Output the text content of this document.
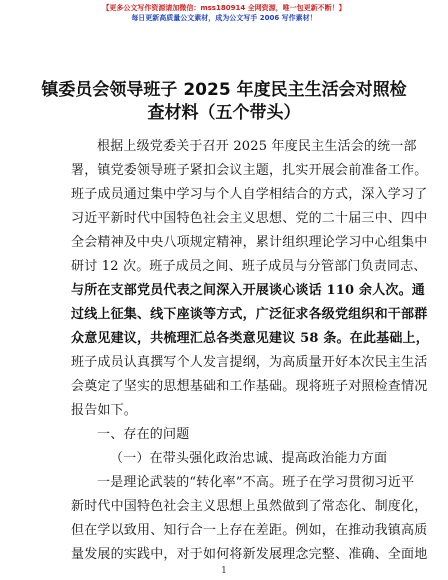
【更多公文写作资源请加微信：mss180914 全网资源，唯一包更新不断！】
每日更新高质量公文素材，成为公文写手 2006 写作素材！
镇委员会领导班子 2025 年度民主生活会对照检
查材料（五个带头）
根据上级党委关于召开 2025 年度民主生活会的统一部
署，镇党委领导班子紧扣会议主题，扎实开展会前准备工作。
班子成员通过集中学习与个人自学相结合的方式，深入学习了
习近平新时代中国特色社会主义思想、党的二十届三中、四中
全会精神及中央八项规定精神，累计组织理论学习中心组集中
研讨 12 次。班子成员之间、班子成员与分管部门负责同志、
与所在支部党员代表之间深入开展谈心谈话 110 余人次。通
过线上征集、线下座谈等方式，广泛征求各级党组织和干部群
众意见建议，共梳理汇总各类意见建议 58 条。在此基础上，
班子成员认真撰写个人发言提纲，为高质量开好本次民主生活
会奠定了坚实的思想基础和工作基础。现将班子对照检查情况
报告如下。
一、存在的问题
（一）在带头强化政治忠诚、提高政治能力方面
一是理论武装的“转化率”不高。班子在学习贯彻习近平
新时代中国特色社会主义思想上虽然做到了常态化、制度化，
但在学以致用、知行合一上存在差距。例如，在推动我镇高质
量发展的实践中，对于如何将新发展理念完整、准确、全面地
1
